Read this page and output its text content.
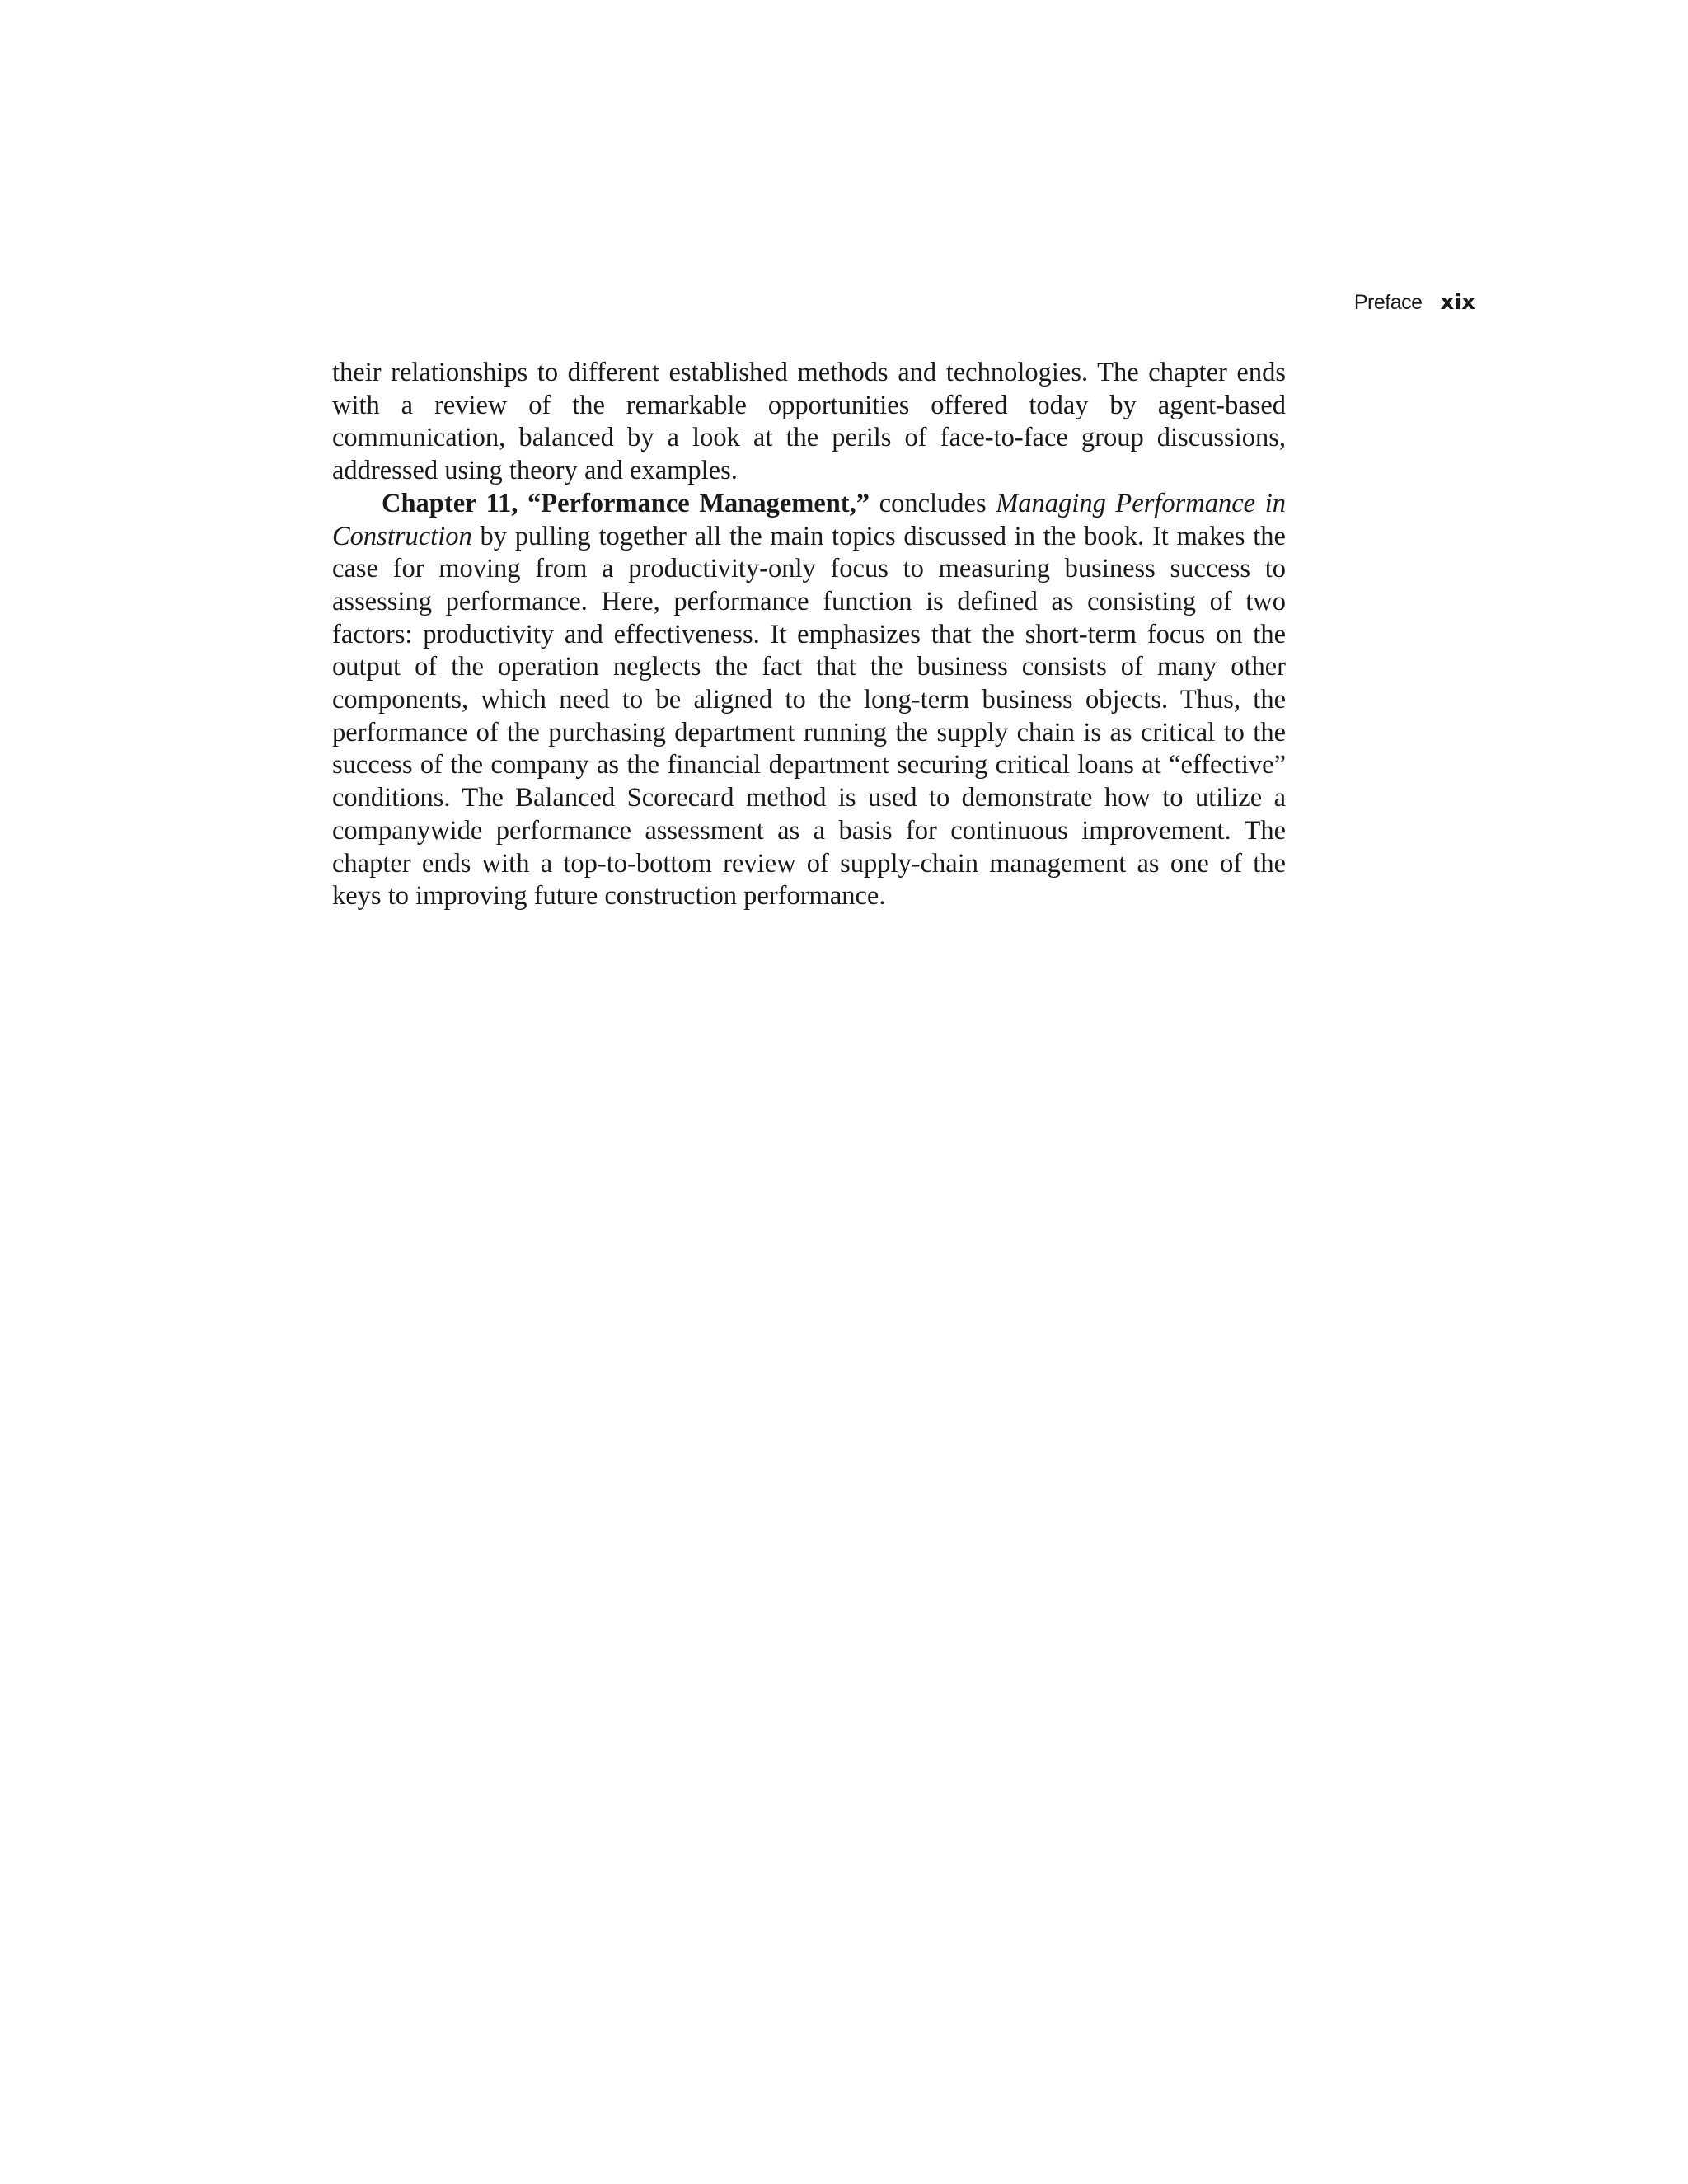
Preface xix

their relationships to different established methods and technologies. The chapter ends with a review of the remarkable opportunities offered today by agent-based communication, balanced by a look at the perils of face-to-face group discussions, addressed using theory and examples.

Chapter 11, “Performance Management,” concludes Managing Performance in Construction by pulling together all the main topics discussed in the book. It makes the case for moving from a productivity-only focus to measuring business success to assessing performance. Here, performance function is defined as consisting of two factors: productivity and effectiveness. It emphasizes that the short-term focus on the output of the operation neglects the fact that the business consists of many other components, which need to be aligned to the long-term business objects. Thus, the performance of the purchasing department running the supply chain is as critical to the success of the company as the financial department securing critical loans at “effective” conditions. The Balanced Scorecard method is used to demonstrate how to utilize a companywide performance assessment as a basis for continuous improvement. The chapter ends with a top-to-bottom review of supply-chain management as one of the keys to improving future construction performance.
